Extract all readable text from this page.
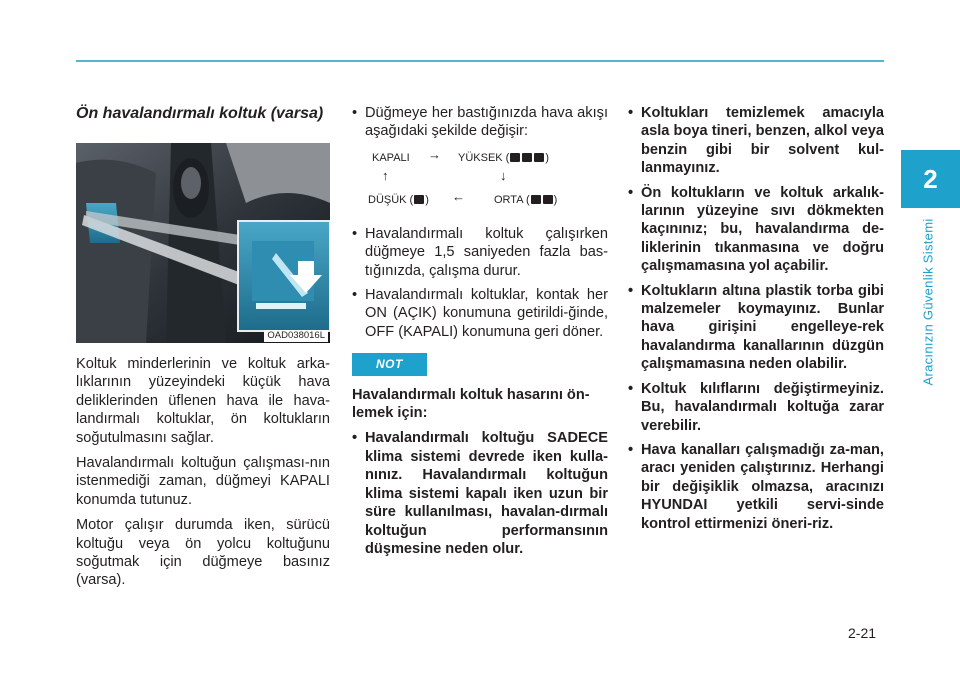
2
Aracınızın Güvenlik Sistemi
Ön havalandırmalı koltuk (varsa)
OAD038016L

Koltuk minderlerinin ve koltuk arka-lıklarının yüzeyindeki küçük hava deliklerinden üflenen hava ile hava-landırmalı koltuklar, ön koltukların soğutulmasını sağlar.

Havalandırmalı koltuğun çalışması-nın istenmediği zaman, düğmeyi KAPALI konumda tutunuz.

Motor çalışır durumda iken, sürücü koltuğu veya ön yolcu koltuğunu soğutmak için düğmeye basınız (varsa).

• Düğmeye her bastığınızda hava akışı aşağıdaki şekilde değişir:
KAPALI → YÜKSEK (	)
↑	↓
DÜŞÜK ( ) ←	ORTA ( )
• Havalandırmalı koltuk çalışırken düğmeye 1,5 saniyeden fazla bas-tığınızda, çalışma durur.
• Havalandırmalı koltuklar, kontak her ON (AÇIK) konumuna getirildi-ğinde, OFF (KAPALI) konumuna geri döner.
NOT

Havalandırmalı koltuk hasarını ön-lemek için:

• Havalandırmalı koltuğu SADECE klima sistemi devrede iken kulla-nınız. Havalandırmalı koltuğun klima sistemi kapalı iken uzun bir süre kullanılması, havalan-dırmalı koltuğun performansının düşmesine neden olur.
• Koltukları temizlemek amacıyla asla boya tineri, benzen, alkol veya benzin gibi bir solvent kul-lanmayınız.
• Ön koltukların ve koltuk arkalık-larının yüzeyine sıvı dökmekten kaçınınız; bu, havalandırma de-liklerinin tıkanmasına ve doğru çalışmamasına yol açabilir.
• Koltukların altına plastik torba gibi malzemeler koymayınız. Bunlar hava girişini engelleye-rek havalandırma kanallarının düzgün çalışmamasına neden olabilir.
• Koltuk kılıflarını değiştirmeyiniz. Bu, havalandırmalı koltuğa zarar verebilir.
• Hava kanalları çalışmadığı za-man, aracı yeniden çalıştırınız. Herhangi bir değişiklik olmazsa, aracınızı HYUNDAI yetkili servi-sinde kontrol ettirmenizi öneri-riz.
2-21
